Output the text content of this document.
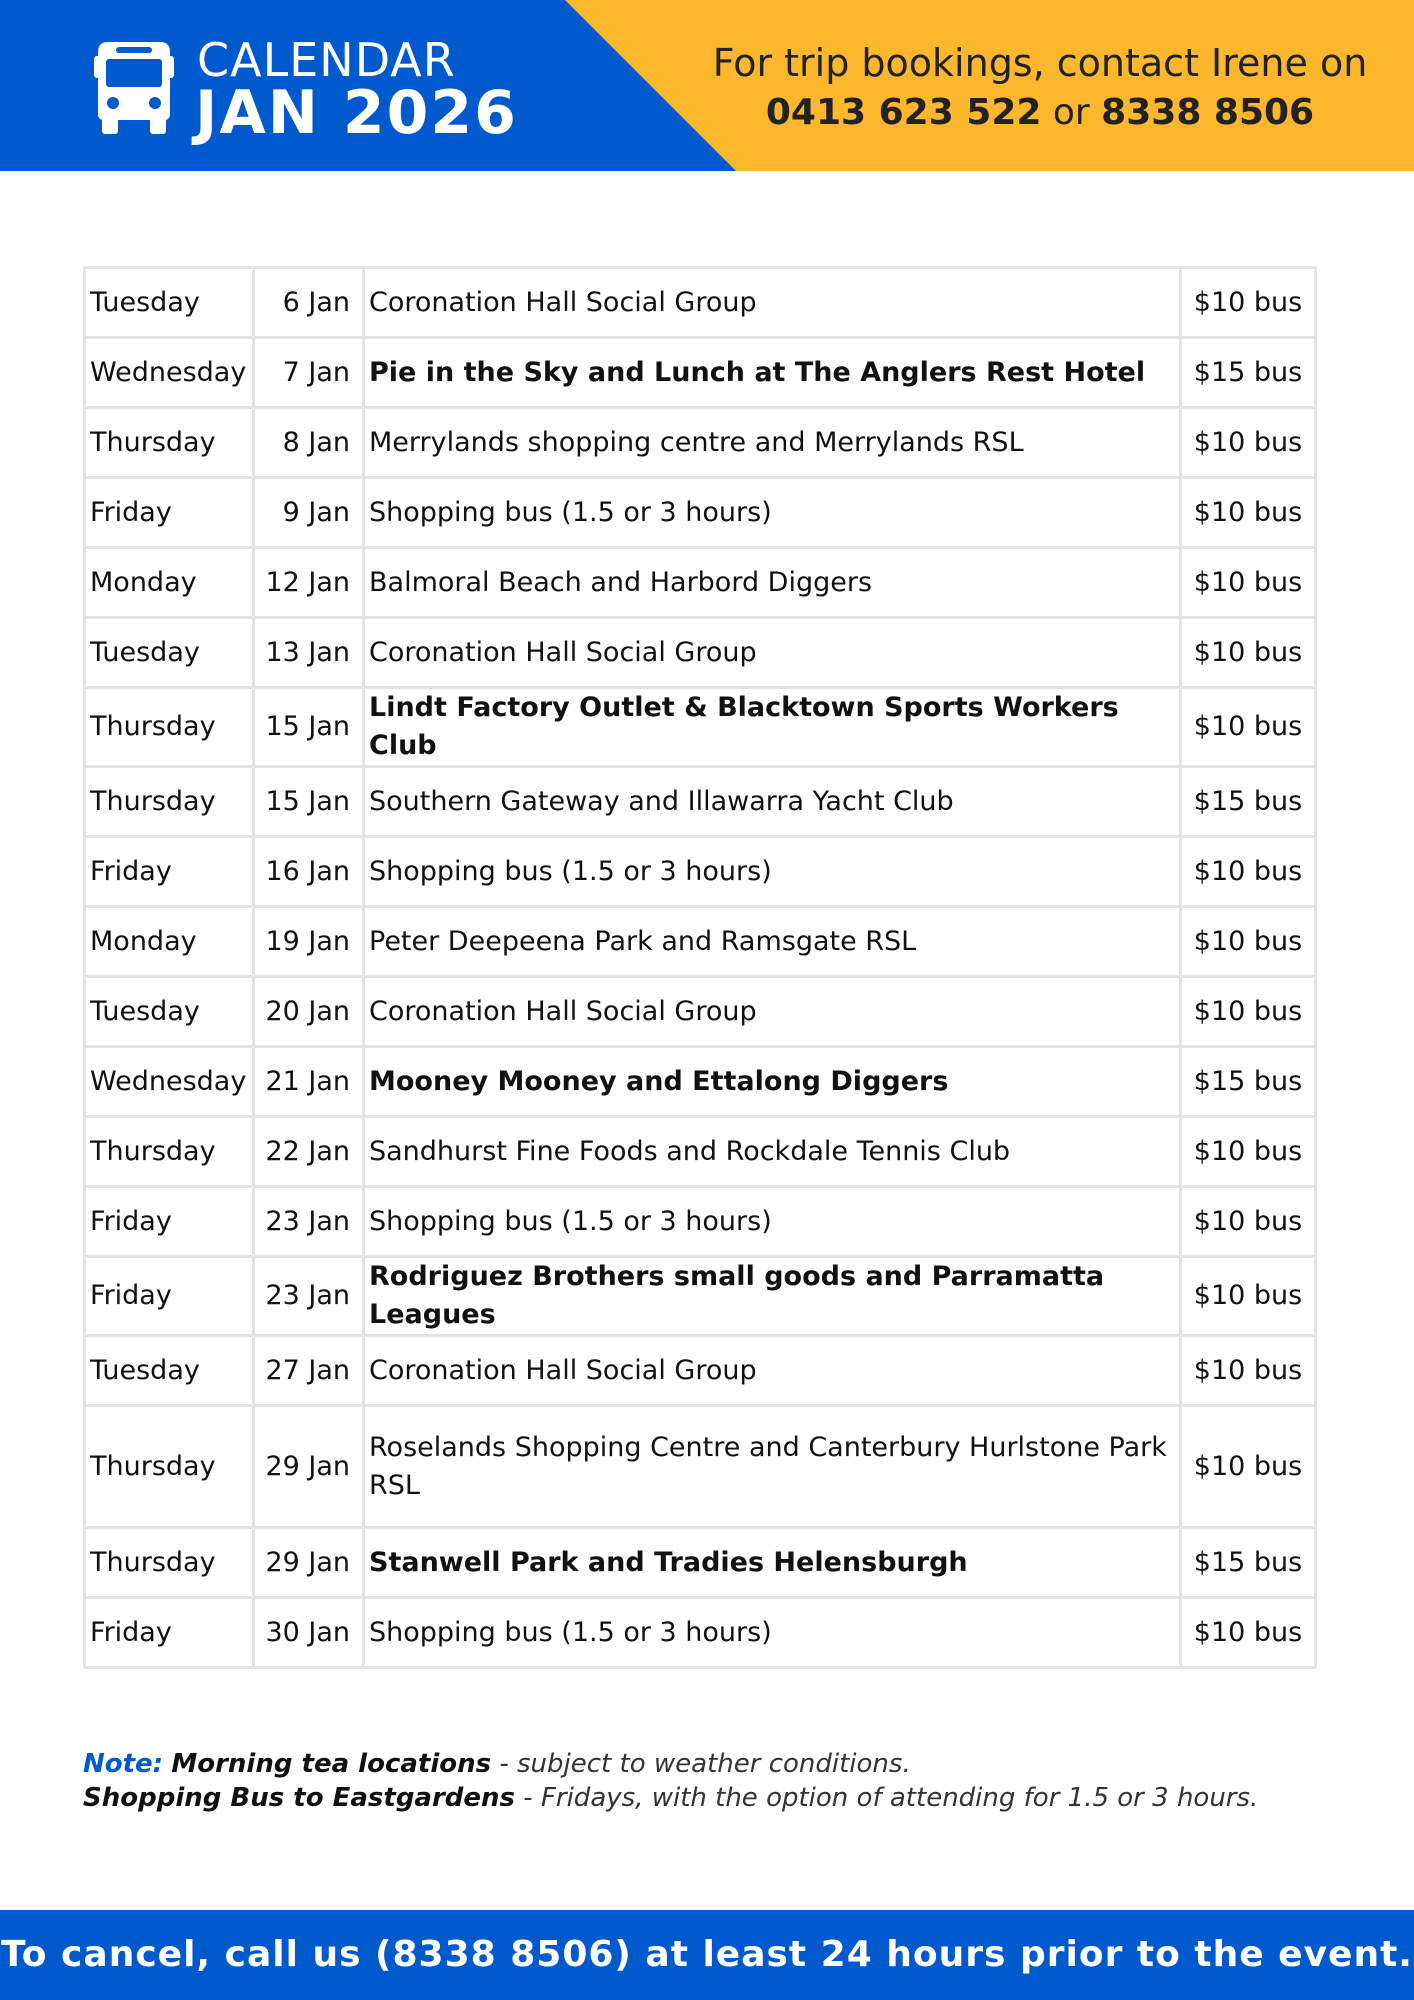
CALENDAR
JAN 2026
For trip bookings, contact Irene on
0413 623 522 or 8338 8506
Tuesday	6 Jan	Coronation Hall Social Group	$10 bus
Wednesday	7 Jan	Pie in the Sky and Lunch at The Anglers Rest Hotel	$15 bus
Thursday	8 Jan	Merrylands shopping centre and Merrylands RSL	$10 bus
Friday	9 Jan	Shopping bus (1.5 or 3 hours)	$10 bus
Monday	12 Jan	Balmoral Beach and Harbord Diggers	$10 bus
Tuesday	13 Jan	Coronation Hall Social Group	$10 bus
Thursday	15 Jan	Lindt Factory Outlet & Blacktown Sports Workers Club	$10 bus
Thursday	15 Jan	Southern Gateway and Illawarra Yacht Club	$15 bus
Friday	16 Jan	Shopping bus (1.5 or 3 hours)	$10 bus
Monday	19 Jan	Peter Deepeena Park and Ramsgate RSL	$10 bus
Tuesday	20 Jan	Coronation Hall Social Group	$10 bus
Wednesday	21 Jan	Mooney Mooney and Ettalong Diggers	$15 bus
Thursday	22 Jan	Sandhurst Fine Foods and Rockdale Tennis Club	$10 bus
Friday	23 Jan	Shopping bus (1.5 or 3 hours)	$10 bus
Friday	23 Jan	Rodriguez Brothers small goods and Parramatta Leagues	$10 bus
Tuesday	27 Jan	Coronation Hall Social Group	$10 bus
Thursday	29 Jan	Roselands Shopping Centre and Canterbury Hurlstone Park RSL	$10 bus
Thursday	29 Jan	Stanwell Park and Tradies Helensburgh	$15 bus
Friday	30 Jan	Shopping bus (1.5 or 3 hours)	$10 bus
Note: Morning tea locations - subject to weather conditions.
Shopping Bus to Eastgardens - Fridays, with the option of attending for 1.5 or 3 hours.
To cancel, call us (8338 8506) at least 24 hours prior to the event.
